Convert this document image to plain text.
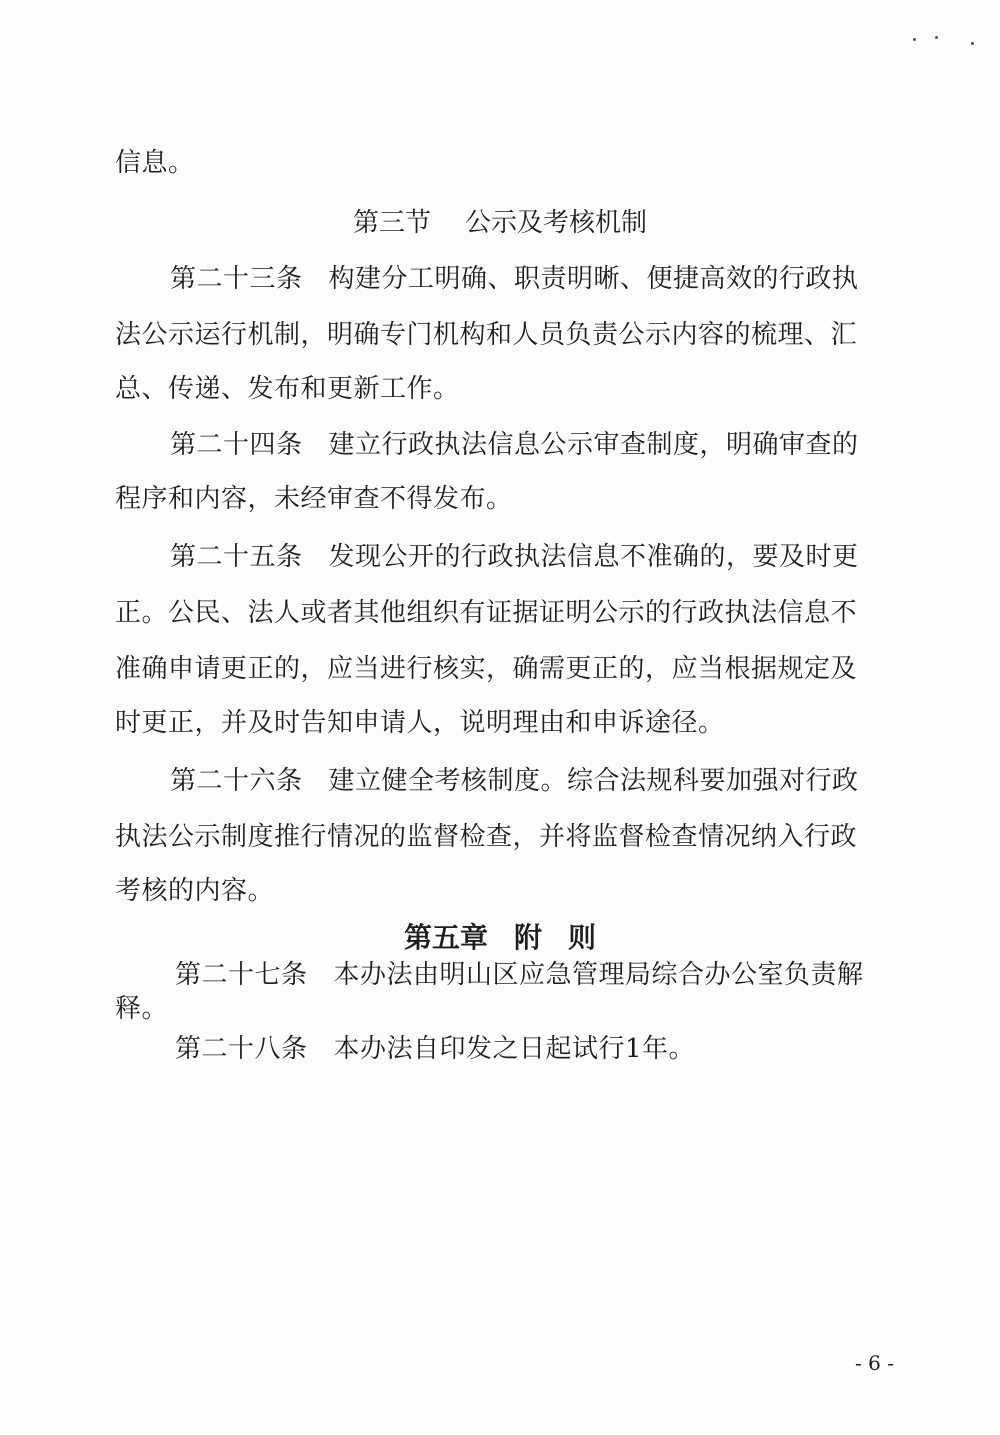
信息。
第三节 公示及考核机制
第二十三条 构建分工明确、职责明晰、便捷高效的行政执
法公示运行机制，明确专门机构和人员负责公示内容的梳理、汇
总、传递、发布和更新工作。
第二十四条 建立行政执法信息公示审查制度，明确审查的
程序和内容，未经审查不得发布。
第二十五条 发现公开的行政执法信息不准确的，要及时更
正。公民、法人或者其他组织有证据证明公示的行政执法信息不
准确申请更正的，应当进行核实，确需更正的，应当根据规定及
时更正，并及时告知申请人，说明理由和申诉途径。
第二十六条 建立健全考核制度。综合法规科要加强对行政
执法公示制度推行情况的监督检查，并将监督检查情况纳入行政
考核的内容。
第五章 附 则
第二十七条 本办法由明山区应急管理局综合办公室负责解
释。
第二十八条 本办法自印发之日起试行1年。
- 6 -
